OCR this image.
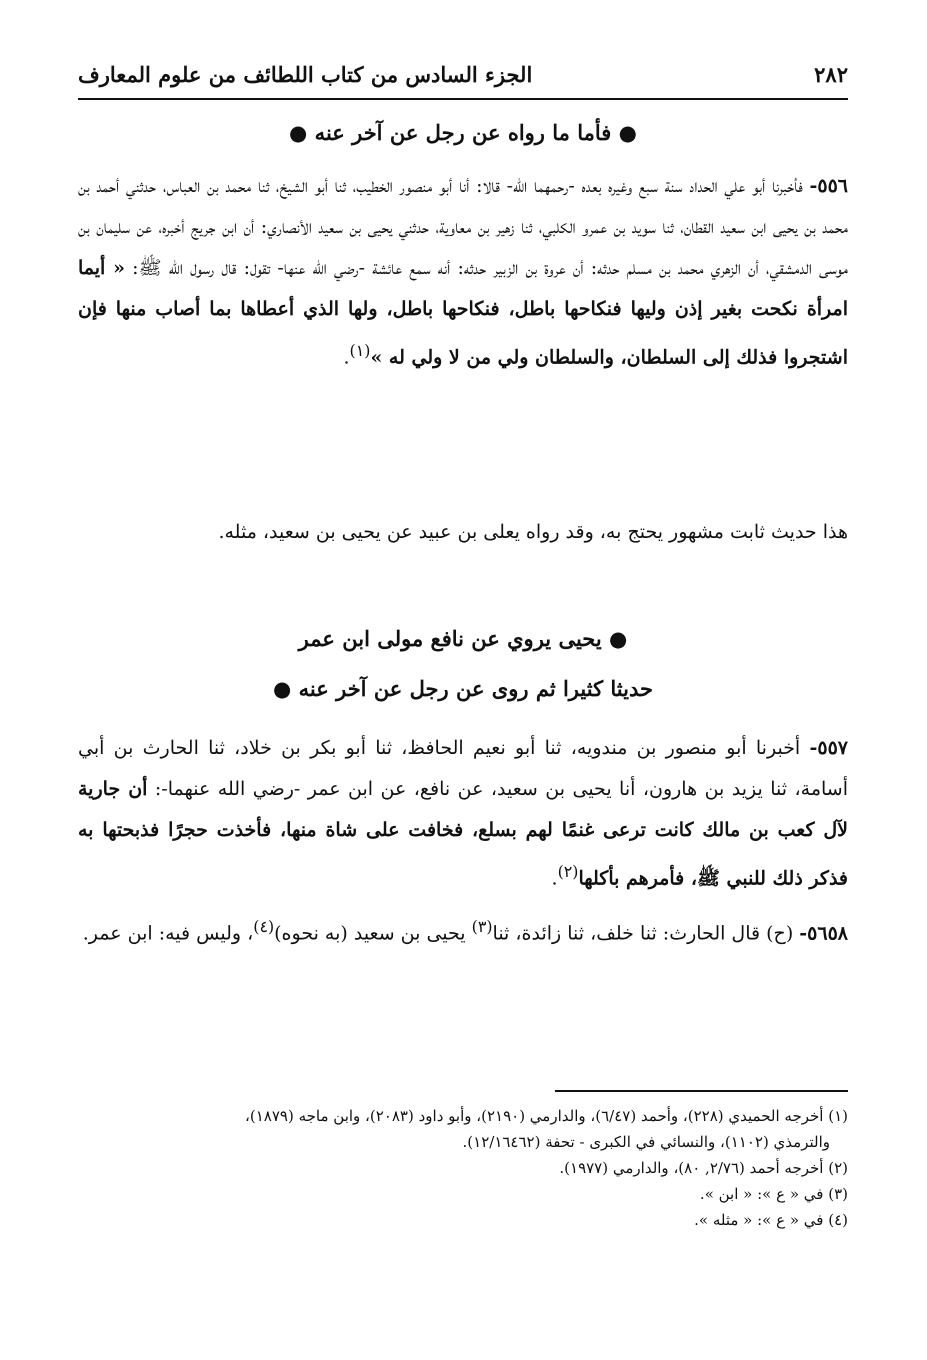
٢٨٢
الجزء السادس من كتاب اللطائف من علوم المعارف
● فأما ما رواه عن رجل عن آخر عنه ●
٥٥٦- فأخبرنا أبو علي الحداد سنة سبع وغيره بعده -رحمهما الله- قالا: أنا أبو منصور الخطيب، ثنا أبو الشيخ، ثنا محمد بن العباس، حدثني أحمد بن محمد بن يحيى ابن سعيد القطان، ثنا سويد بن عمرو الكلبي، ثنا زهير بن معاوية، حدثني يحيى بن سعيد الأنصاري: أن ابن جريج أخبره، عن سليمان بن موسى الدمشقي، أن الزهري محمد بن مسلم حدثه: أن عروة بن الزبير حدثه: أنه سمع عائشة -رضي الله عنها- تقول: قال رسول الله ﷺ: « أيما امرأة نكحت بغير إذن وليها فنكاحها باطل، فنكاحها باطل، ولها الذي أعطاها بما أصاب منها فإن اشتجروا فذلك إلى السلطان، والسلطان ولي من لا ولي له »$^{(١)}$.
هذا حديث ثابت مشهور يحتج به، وقد رواه يعلى بن عبيد عن يحيى بن سعيد، مثله.
● يحيى يروي عن نافع مولى ابن عمر
حديثا كثيرا ثم روى عن رجل عن آخر عنه ●
٥٥٧- أخبرنا أبو منصور بن مندويه، ثنا أبو نعيم الحافظ، ثنا أبو بكر بن خلاد، ثنا الحارث بن أبي أسامة، ثنا يزيد بن هارون، أنا يحيى بن سعيد، عن نافع، عن ابن عمر -رضي الله عنهما-: أن جارية لآل كعب بن مالك كانت ترعى غنمًا لهم بسلع، فخافت على شاة منها، فأخذت حجرًا فذبحتها به فذكر ذلك للنبي ﷺ، فأمرهم بأكلها$^{(٢)}$.
٥٦٥٨- (ح) قال الحارث: ثنا خلف، ثنا زائدة، ثنا$^{(٣)}$ يحيى بن سعيد (به نحوه)$^{(٤)}$، وليس فيه: ابن عمر.
(١) أخرجه الحميدي (٢٢٨)، وأحمد (٦/٤٧)، والدارمي (٢١٩٠)، وأبو داود (٢٠٨٣)، وابن ماجه (١٨٧٩)،
والترمذي (١١٠٢)، والنسائي في الكبرى - تحفة (١٢/١٦٤٦٢).
(٢) أخرجه أحمد (٢/٧٦, ٨٠)، والدارمي (١٩٧٧).
(٣) في « ع »: « ابن ».
(٤) في « ع »: « مثله ».
